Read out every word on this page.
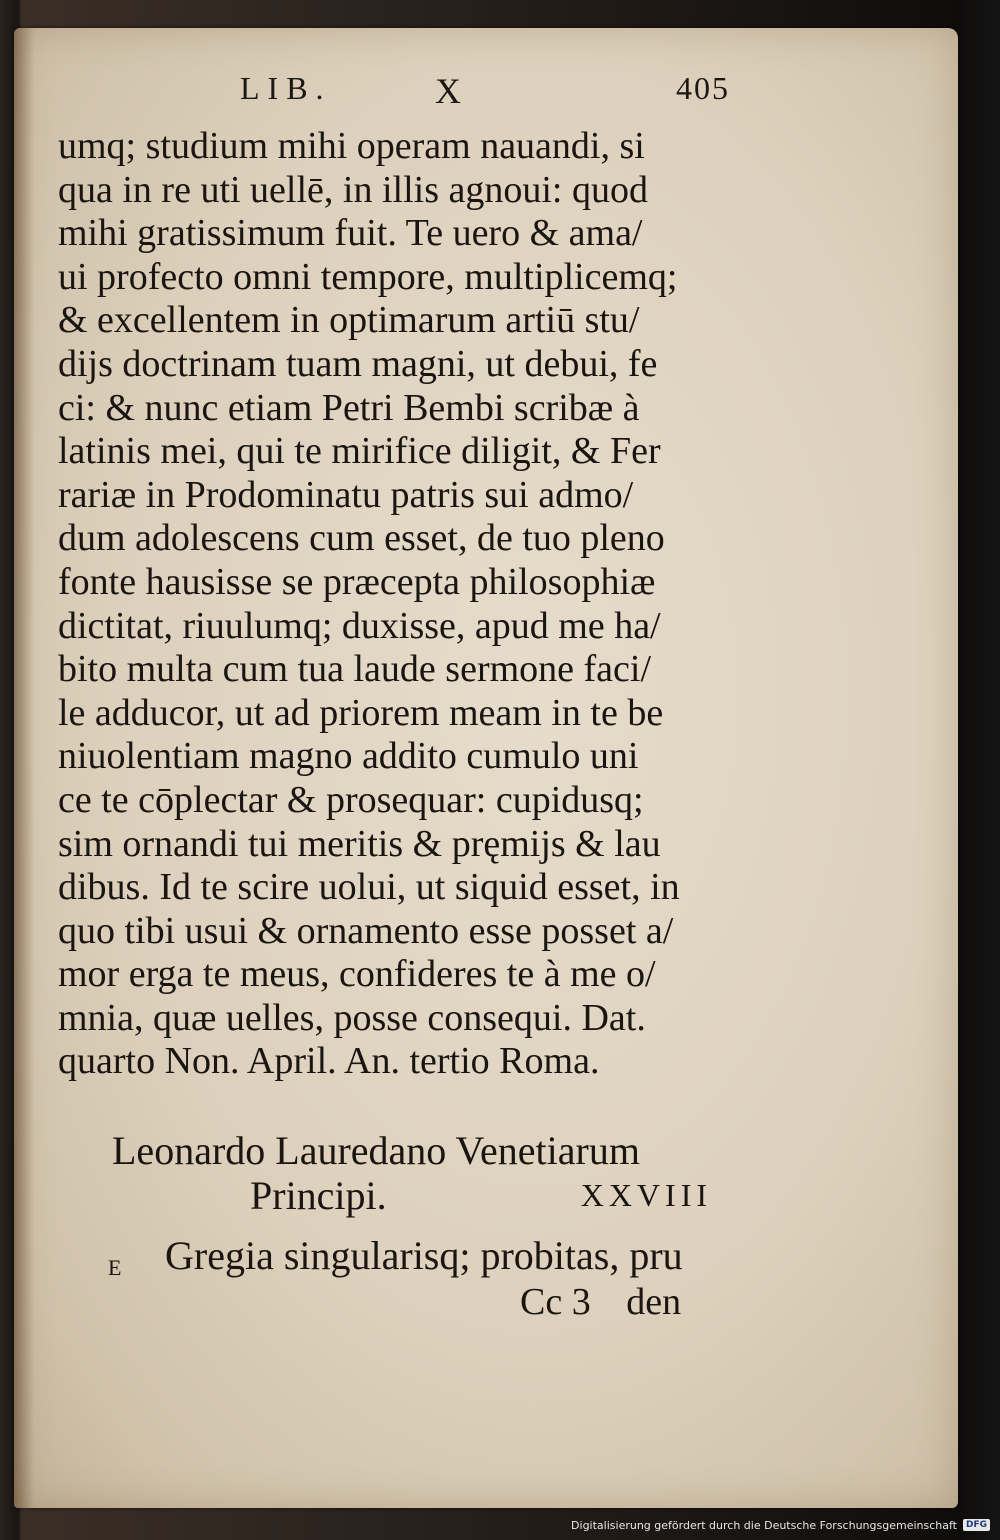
LIB.	X	405
umq; studium mihi operam nauandi, si
qua in re uti uellē, in illis agnoui: quod
mihi gratissimum fuit. Te uero & ama/
ui profecto omni tempore, multiplicemq;
& excellentem in optimarum artiū stu/
dijs doctrinam tuam magni, ut debui, fe
ci: & nunc etiam Petri Bembi scribæ à
latinis mei, qui te mirifice diligit, & Fer
rariæ in Prodominatu patris sui admo/
dum adolescens cum esset, de tuo pleno
fonte hausisse se præcepta philosophiæ
dictitat, riuulumq; duxisse, apud me ha/
bito multa cum tua laude sermone faci/
le adducor, ut ad priorem meam in te be
niuolentiam magno addito cumulo uni
ce te cōplectar & prosequar: cupidusq;
sim ornandi tui meritis & pręmijs & lau
dibus. Id te scire uolui, ut siquid esset, in
quo tibi usui & ornamento esse posset a/
mor erga te meus, confideres te à me o/
mnia, quæ uelles, posse consequi. Dat.
quarto Non. April. An. tertio Roma.
Leonardo Lauredano Venetiarum
Principi.	XXVIII
E Gregia singularisq; probitas, pru
Cc 3 den
Digitalisierung gefördert durch die Deutsche Forschungsgemeinschaft	DFG
